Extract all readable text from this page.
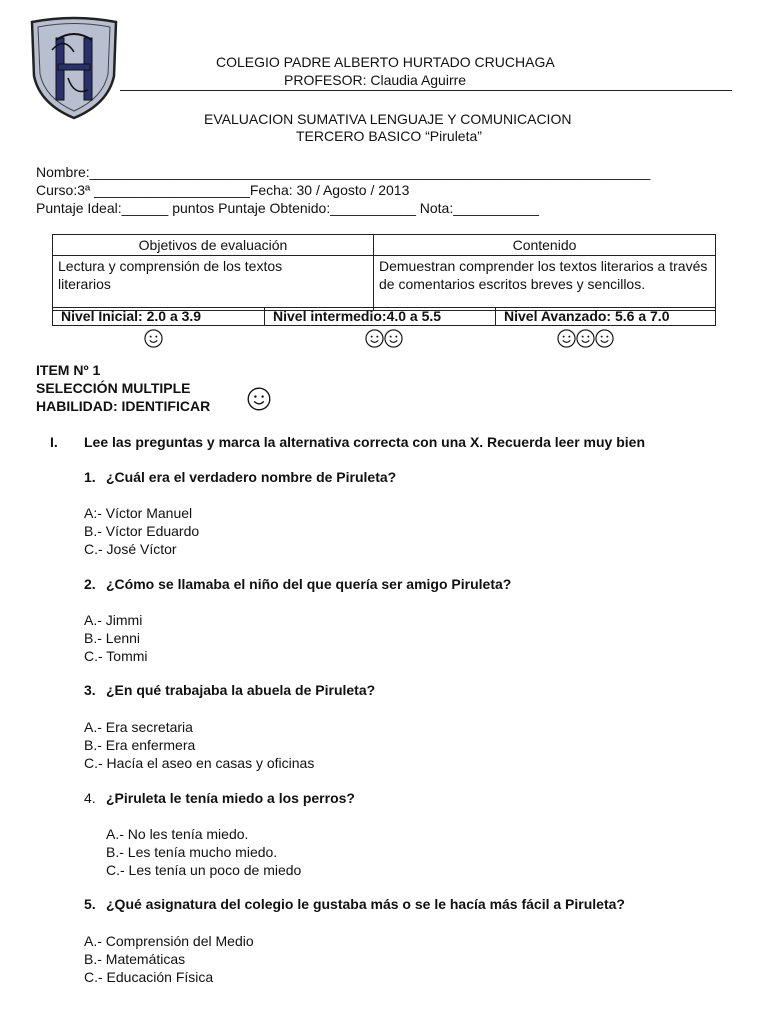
COLEGIO PADRE ALBERTO HURTADO CRUCHAGA
PROFESOR: Claudia Aguirre
EVALUACION SUMATIVA LENGUAJE Y COMUNICACION
TERCERO BASICO “Piruleta”
Nombre:________________________________________________________________________
Curso:3ª ____________________Fecha: 30 / Agosto / 2013
Puntaje Ideal:______ puntos Puntaje Obtenido:___________ Nota:___________
Objetivos de evaluación	Contenido

Lectura y comprensión de los textos literarios	Demuestran comprender los textos literarios a través de comentarios escritos breves y sencillos.
Nivel Inicial: 2.0 a 3.9	Nivel intermedio:4.0 a 5.5	Nivel Avanzado: 5.6 a 7.0
ITEM Nº 1
SELECCIÓN MULTIPLE
HABILIDAD: IDENTIFICAR
I. Lee las preguntas y marca la alternativa correcta con una X. Recuerda leer muy bien
1. ¿Cuál era el verdadero nombre de Piruleta?
A:- Víctor Manuel
B.- Víctor Eduardo
C.- José Víctor
2. ¿Cómo se llamaba el niño del que quería ser amigo Piruleta?
A.- Jimmi
B.- Lenni
C.- Tommi
3. ¿En qué trabajaba la abuela de Piruleta?
A.- Era secretaria
B.- Era enfermera
C.- Hacía el aseo en casas y oficinas
4. ¿Piruleta le tenía miedo a los perros?
A.- No les tenía miedo.
B.- Les tenía mucho miedo.
C.- Les tenía un poco de miedo
5. ¿Qué asignatura del colegio le gustaba más o se le hacía más fácil a Piruleta?
A.- Comprensión del Medio
B.- Matemáticas
C.- Educación Física
